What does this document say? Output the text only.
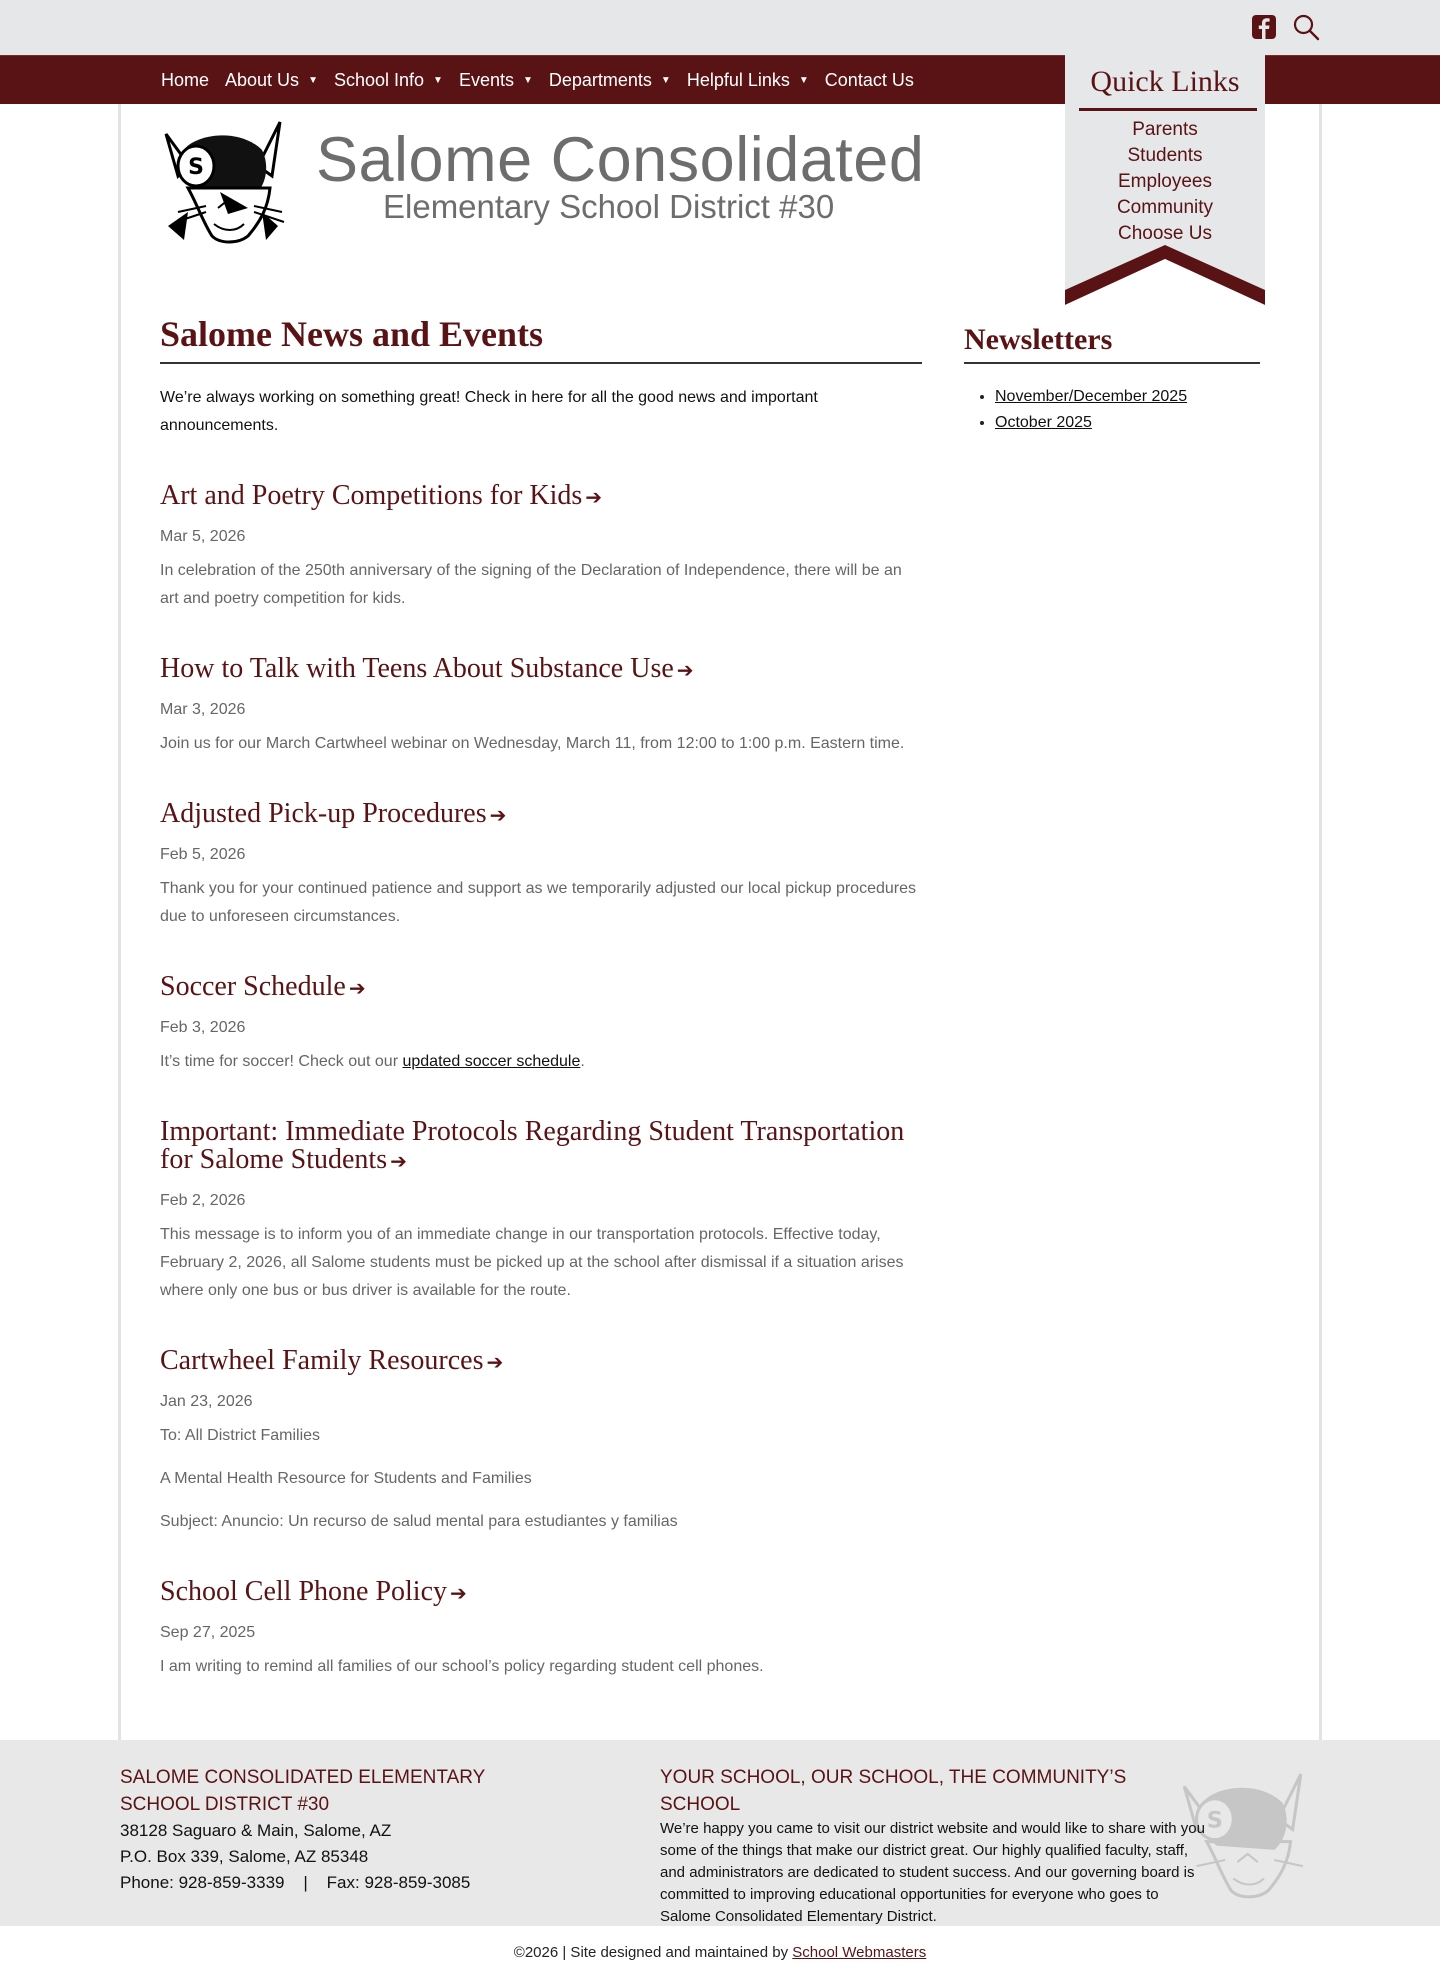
Home About Us ▼ School Info ▼ Events ▼ Departments ▼ Helpful Links ▼ Contact Us
S Salome Consolidated
Elementary School District #30
Quick Links
Parents
Students
Employees
Community
Choose Us
Salome News and Events

We’re always working on something great! Check in here for all the good news and important announcements.

Art and Poetry Competitions for Kids ➔
Mar 5, 2026

In celebration of the 250th anniversary of the signing of the Declaration of Independence, there will be an art and poetry competition for kids.

How to Talk with Teens About Substance Use ➔
Mar 3, 2026

Join us for our March Cartwheel webinar on Wednesday, March 11, from 12:00 to 1:00 p.m. Eastern time.

Adjusted Pick-up Procedures ➔
Feb 5, 2026

Thank you for your continued patience and support as we temporarily adjusted our local pickup procedures due to unforeseen circumstances.

Soccer Schedule ➔
Feb 3, 2026

It’s time for soccer! Check out our updated soccer schedule.

Important: Immediate Protocols Regarding Student Transportation for Salome Students ➔
Feb 2, 2026

This message is to inform you of an immediate change in our transportation protocols. Effective today, February 2, 2026, all Salome students must be picked up at the school after dismissal if a situation arises where only one bus or bus driver is available for the route.

Cartwheel Family Resources ➔
Jan 23, 2026

To: All District Families

A Mental Health Resource for Students and Families

Subject: Anuncio: Un recurso de salud mental para estudiantes y familias

School Cell Phone Policy ➔
Sep 27, 2025

I am writing to remind all families of our school’s policy regarding student cell phones.

Newsletters
• November/December 2025
• October 2025
SALOME CONSOLIDATED ELEMENTARY
SCHOOL DISTRICT #30
38128 Saguaro & Main, Salome, AZ
P.O. Box 339, Salome, AZ 85348
Phone: 928-859-3339    |    Fax: 928-859-3085
YOUR SCHOOL, OUR SCHOOL, THE COMMUNITY’S SCHOOL

We’re happy you came to visit our district website and would like to share with you some of the things that make our district great. Our highly qualified faculty, staff, and administrators are dedicated to student success. And our governing board is committed to improving educational opportunities for everyone who goes to Salome Consolidated Elementary District.

S
©2026 | Site designed and maintained by School Webmasters
